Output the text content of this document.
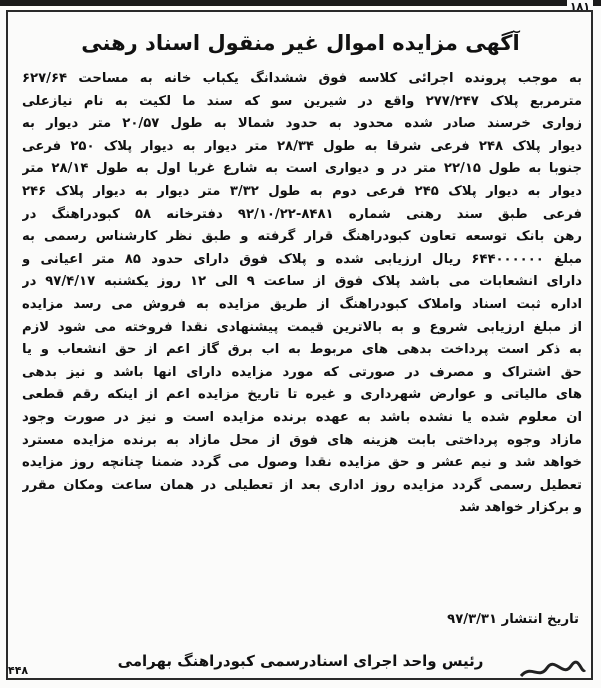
۱۸۱
آگهی مزایده اموال غیر منقول اسناد رهنی
به موجب پرونده اجرائی کلاسه فوق ششدانگ یکباب خانه به مساحت ۶۲۷/۶۴
مترمربع پلاک ۲۷۷/۲۴۷ واقع در شیرین سو که سند ما لکیت به نام نیازعلی
زواری خرسند صادر شده محدود به حدود شمالا به طول ۲۰/۵۷ متر دیوار به
دیوار پلاک ۲۴۸ فرعی شرقا به طول ۲۸/۳۴ متر دیوار به دیوار پلاک ۲۵۰ فرعی
جنوبا به طول ۲۲/۱۵ متر در و دیواری است به شارع غربا اول به طول ۲۸/۱۴ متر
دیوار به دیوار پلاک ۲۴۵ فرعی دوم به طول ۳/۳۲ متر دیوار به دیوار پلاک ۲۴۶
فرعی طبق سند رهنی شماره ۸۴۸۱-۹۲/۱۰/۲۲ دفترخانه ۵۸ کبودراهنگ در
رهن بانک توسعه تعاون کبودراهنگ قرار گرفته و طبق نظر کارشناس رسمی به
مبلغ ۶۴۴۰۰۰۰۰۰ ریال ارزیابی شده و پلاک فوق دارای حدود ۸۵ متر اعیانی و
دارای انشعابات می باشد پلاک فوق از ساعت ۹ الی ۱۲ روز یکشنبه ۹۷/۴/۱۷ در
اداره ثبت اسناد واملاک کبودراهنگ از طریق مزایده به فروش می رسد مزایده
از مبلغ ارزیابی شروع و به بالاترین قیمت پیشنهادی نقدا فروخته می شود لازم
به ذکر است پرداخت بدهی های مربوط به اب برق گاز اعم از حق انشعاب و یا
حق اشتراک و مصرف در صورتی که مورد مزایده دارای انها باشد و نیز بدهی
های مالیاتی و عوارض شهرداری و غیره تا تاریخ مزایده اعم از اینکه رقم قطعی
ان معلوم شده یا نشده باشد به عهده برنده مزایده است و نیز در صورت وجود
مازاد وجوه پرداختی بابت هزینه های فوق از محل مازاد به برنده مزایده مسترد
خواهد شد و نیم عشر و حق مزایده نقدا وصول می گردد ضمنا چنانچه روز مزایده
تعطیل رسمی گردد مزایده روز اداری بعد از تعطیلی در همان ساعت ومکان مقرر
و برکزار خواهد شد
تاریخ انتشار ۹۷/۳/۳۱
رئیس واحد اجرای اسنادرسمی کبودراهنگ بهرامی
۴۴۸
